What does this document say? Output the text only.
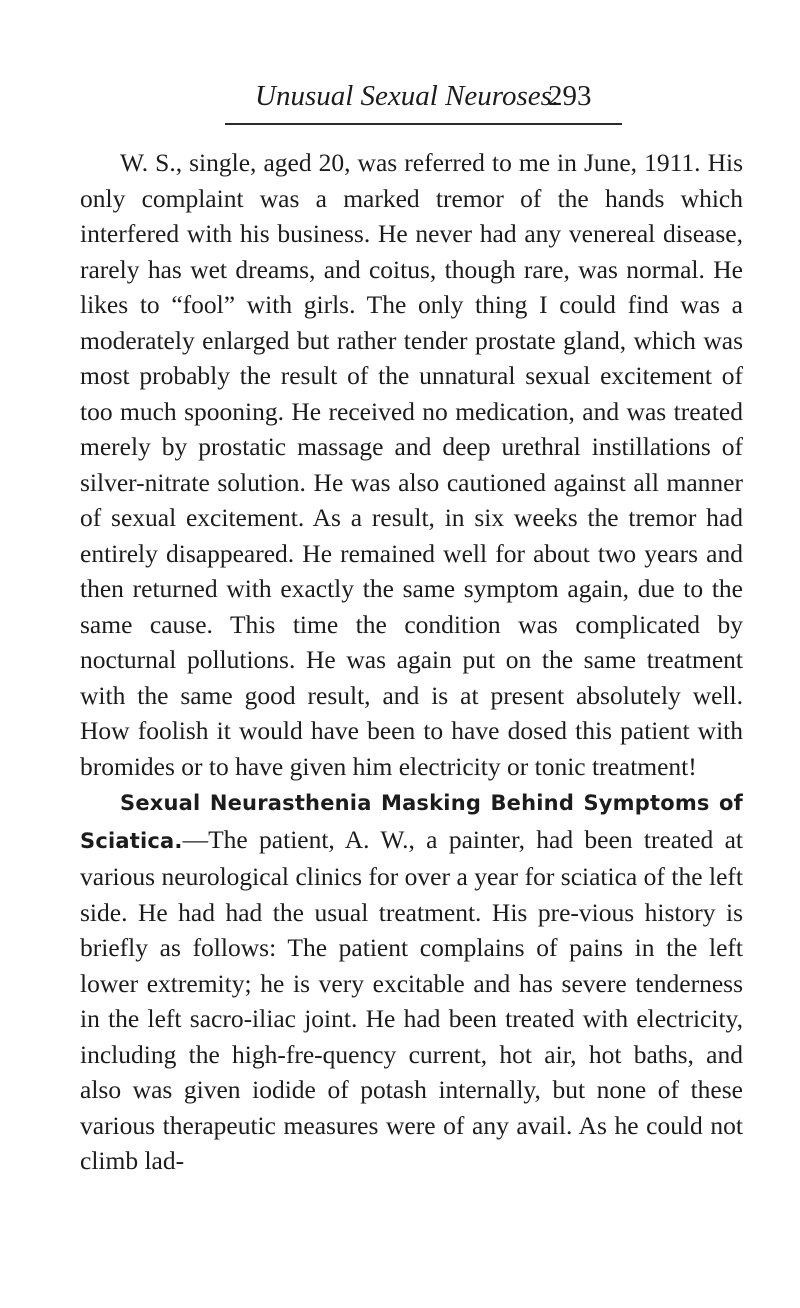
Unusual Sexual Neuroses.
293

W. S., single, aged 20, was referred to me in June, 1911. His only complaint was a marked tremor of the hands which interfered with his business. He never had any venereal disease, rarely has wet dreams, and coitus, though rare, was normal. He likes to “fool” with girls. The only thing I could find was a moderately enlarged but rather tender prostate gland, which was most probably the result of the unnatural sexual excitement of too much spooning. He received no medication, and was treated merely by prostatic massage and deep urethral instillations of silver-nitrate solution. He was also cautioned against all manner of sexual excitement. As a result, in six weeks the tremor had entirely disappeared. He remained well for about two years and then returned with exactly the same symptom again, due to the same cause. This time the condition was complicated by nocturnal pollutions. He was again put on the same treatment with the same good result, and is at present absolutely well. How foolish it would have been to have dosed this patient with bromides or to have given him electricity or tonic treatment!

Sexual Neurasthenia Masking Behind Symptoms of Sciatica.—The patient, A. W., a painter, had been treated at various neurological clinics for over a year for sciatica of the left side. He had had the usual treatment. His pre-vious history is briefly as follows: The patient complains of pains in the left lower extremity; he is very excitable and has severe tenderness in the left sacro-iliac joint. He had been treated with electricity, including the high-fre-quency current, hot air, hot baths, and also was given iodide of potash internally, but none of these various therapeutic measures were of any avail. As he could not climb lad-
